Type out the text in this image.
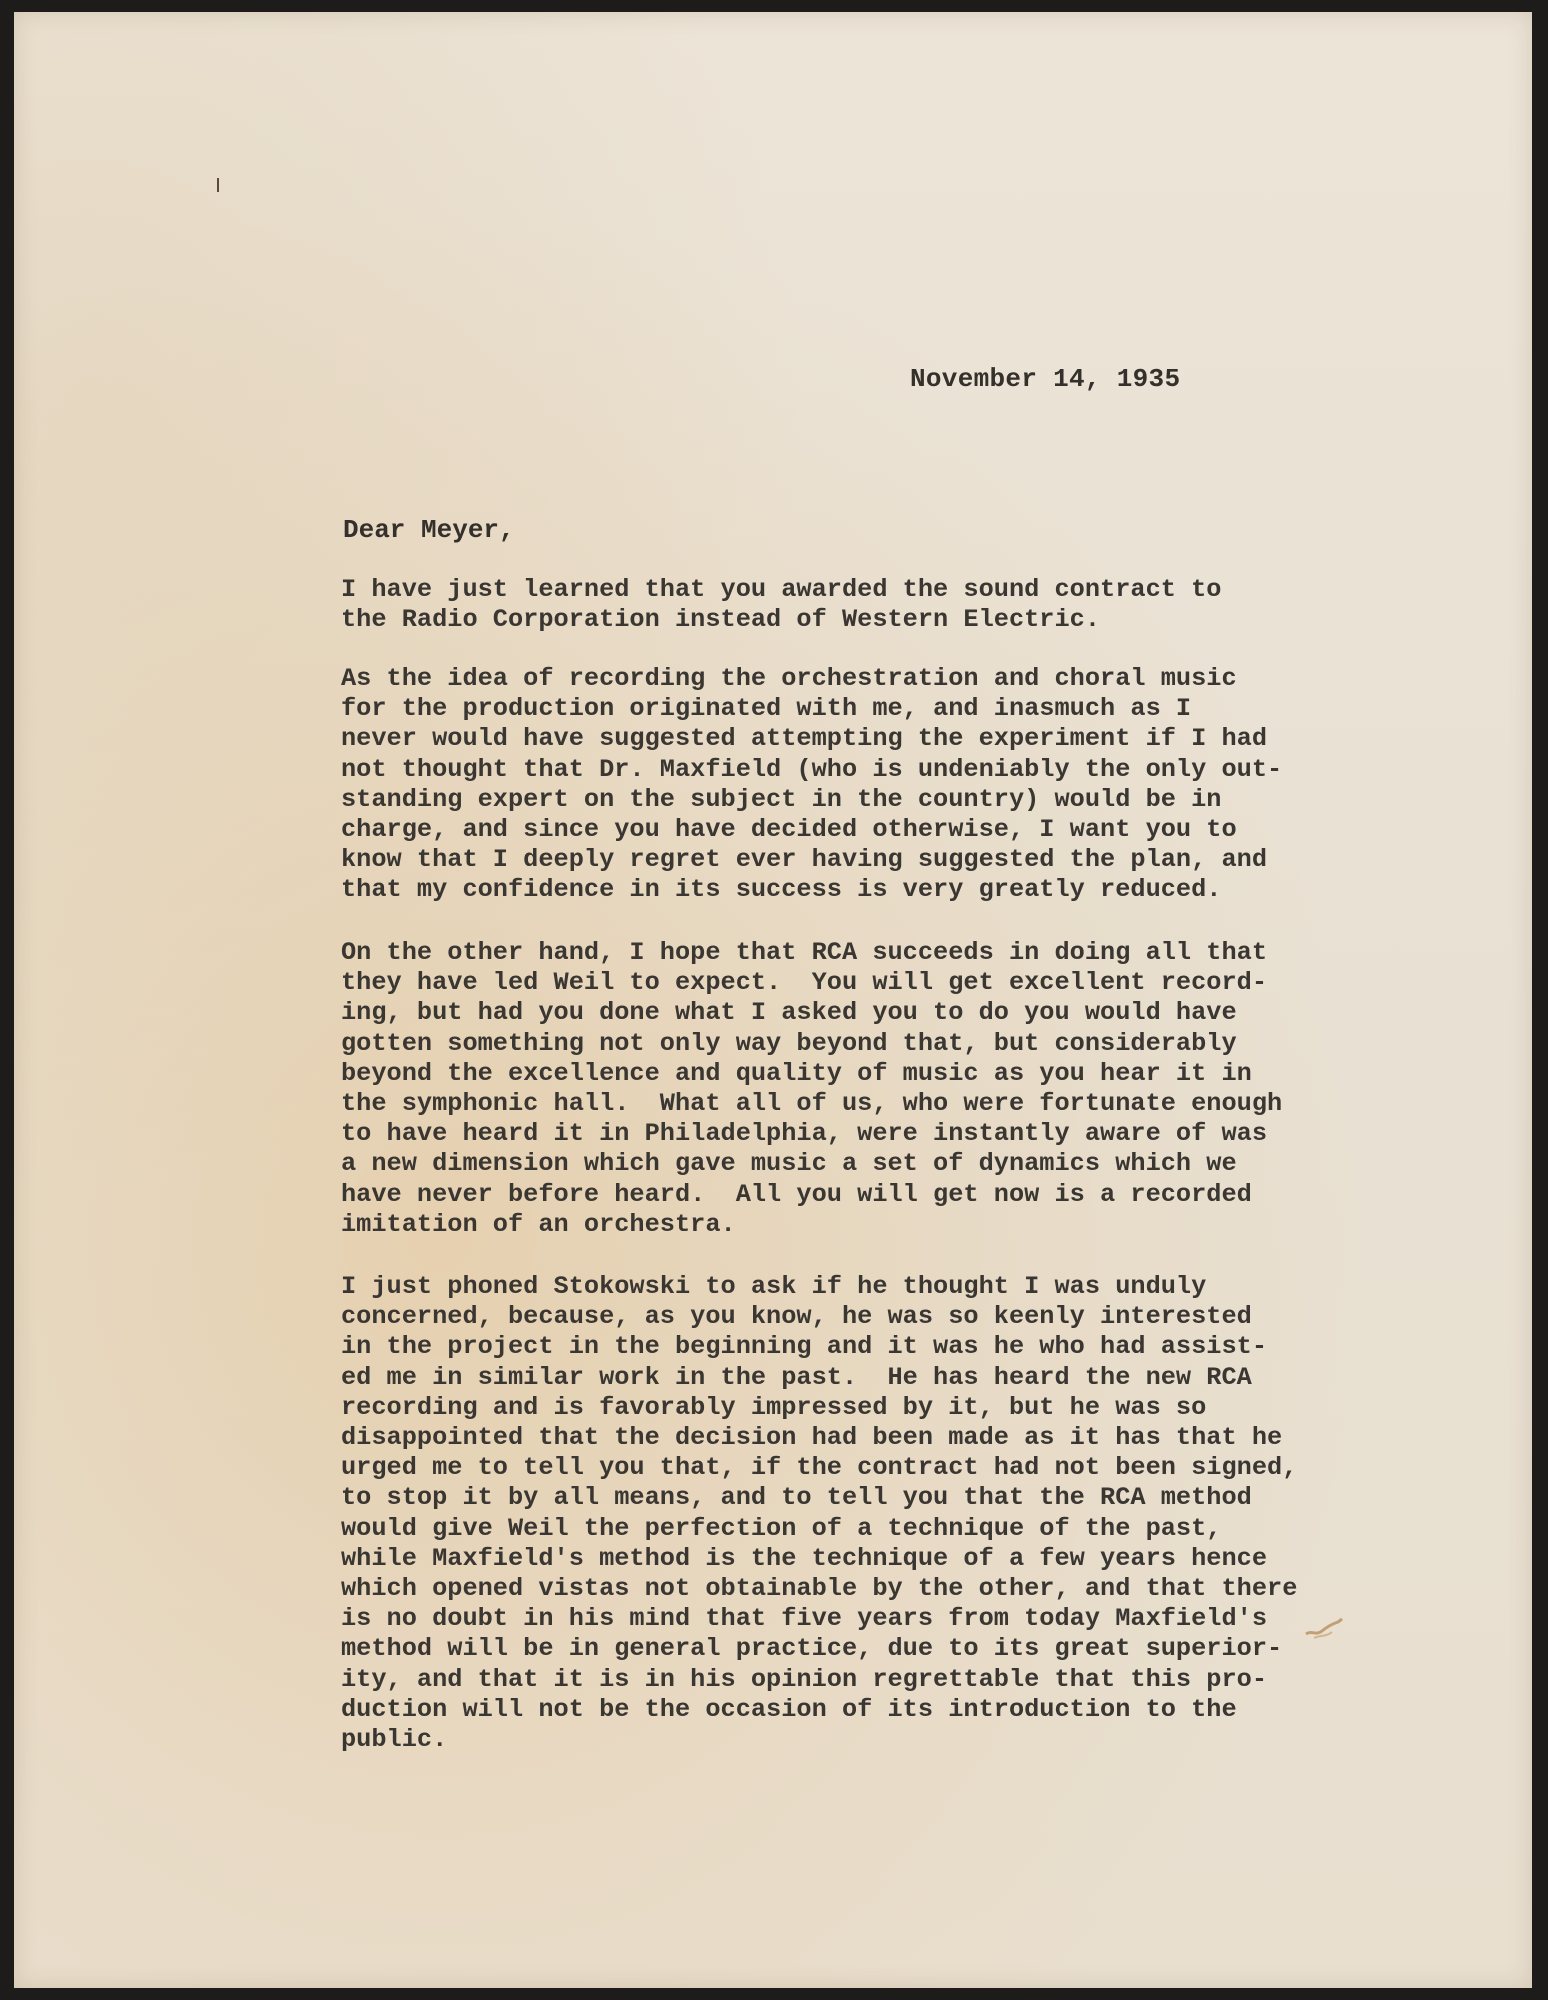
November 14, 1935
Dear Meyer,

I have just learned that you awarded the sound contract to
the Radio Corporation instead of Western Electric.

As the idea of recording the orchestration and choral music
for the production originated with me, and inasmuch as I
never would have suggested attempting the experiment if I had
not thought that Dr. Maxfield (who is undeniably the only out-
standing expert on the subject in the country) would be in
charge, and since you have decided otherwise, I want you to
know that I deeply regret ever having suggested the plan, and
that my confidence in its success is very greatly reduced.

On the other hand, I hope that RCA succeeds in doing all that
they have led Weil to expect.  You will get excellent record-
ing, but had you done what I asked you to do you would have
gotten something not only way beyond that, but considerably
beyond the excellence and quality of music as you hear it in
the symphonic hall.  What all of us, who were fortunate enough
to have heard it in Philadelphia, were instantly aware of was
a new dimension which gave music a set of dynamics which we
have never before heard.  All you will get now is a recorded
imitation of an orchestra.

I just phoned Stokowski to ask if he thought I was unduly
concerned, because, as you know, he was so keenly interested
in the project in the beginning and it was he who had assist-
ed me in similar work in the past.  He has heard the new RCA
recording and is favorably impressed by it, but he was so
disappointed that the decision had been made as it has that he
urged me to tell you that, if the contract had not been signed,
to stop it by all means, and to tell you that the RCA method
would give Weil the perfection of a technique of the past,
while Maxfield's method is the technique of a few years hence
which opened vistas not obtainable by the other, and that there
is no doubt in his mind that five years from today Maxfield's
method will be in general practice, due to its great superior-
ity, and that it is in his opinion regrettable that this pro-
duction will not be the occasion of its introduction to the
public.
